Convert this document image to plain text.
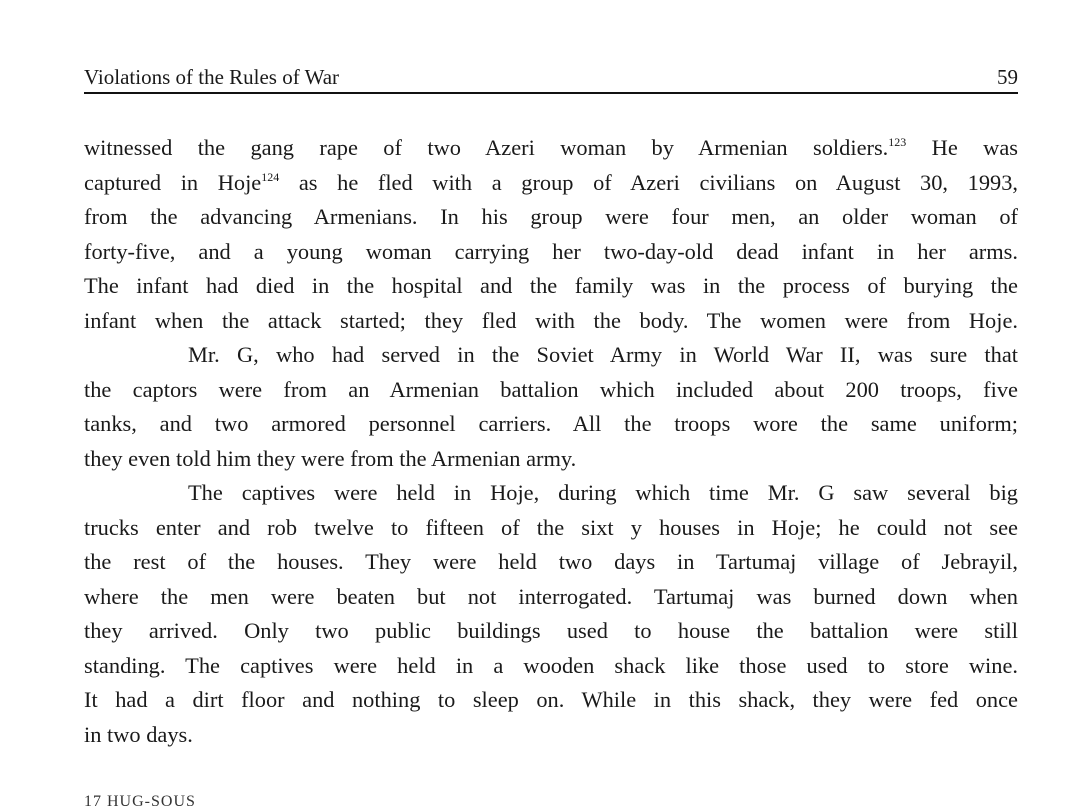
Violations of the Rules of War	59
witnessed the gang rape of two Azeri woman by Armenian soldiers.$^{123}$ He was
captured in Hoje$^{124}$ as he fled with a group of Azeri civilians on August 30, 1993,
from the advancing Armenians. In his group were four men, an older woman of
forty-five, and a young woman carrying her two-day-old dead infant in her arms.
The infant had died in the hospital and the family was in the process of burying the
infant when the attack started; they fled with the body. The women were from Hoje.
Mr. G, who had served in the Soviet Army in World War II, was sure that
the captors were from an Armenian battalion which included about 200 troops, five
tanks, and two armored personnel carriers. All the troops wore the same uniform;
they even told him they were from the Armenian army.
The captives were held in Hoje, during which time Mr. G saw several big
trucks enter and rob twelve to fifteen of the sixt y houses in Hoje; he could not see
the rest of the houses. They were held two days in Tartumaj village of Jebrayil,
where the men were beaten but not interrogated. Tartumaj was burned down when
they arrived. Only two public buildings used to house the battalion were still
standing. The captives were held in a wooden shack like those used to store wine.
It had a dirt floor and nothing to sleep on. While in this shack, they were fed once
in two days.
17 HUG-SOUS
